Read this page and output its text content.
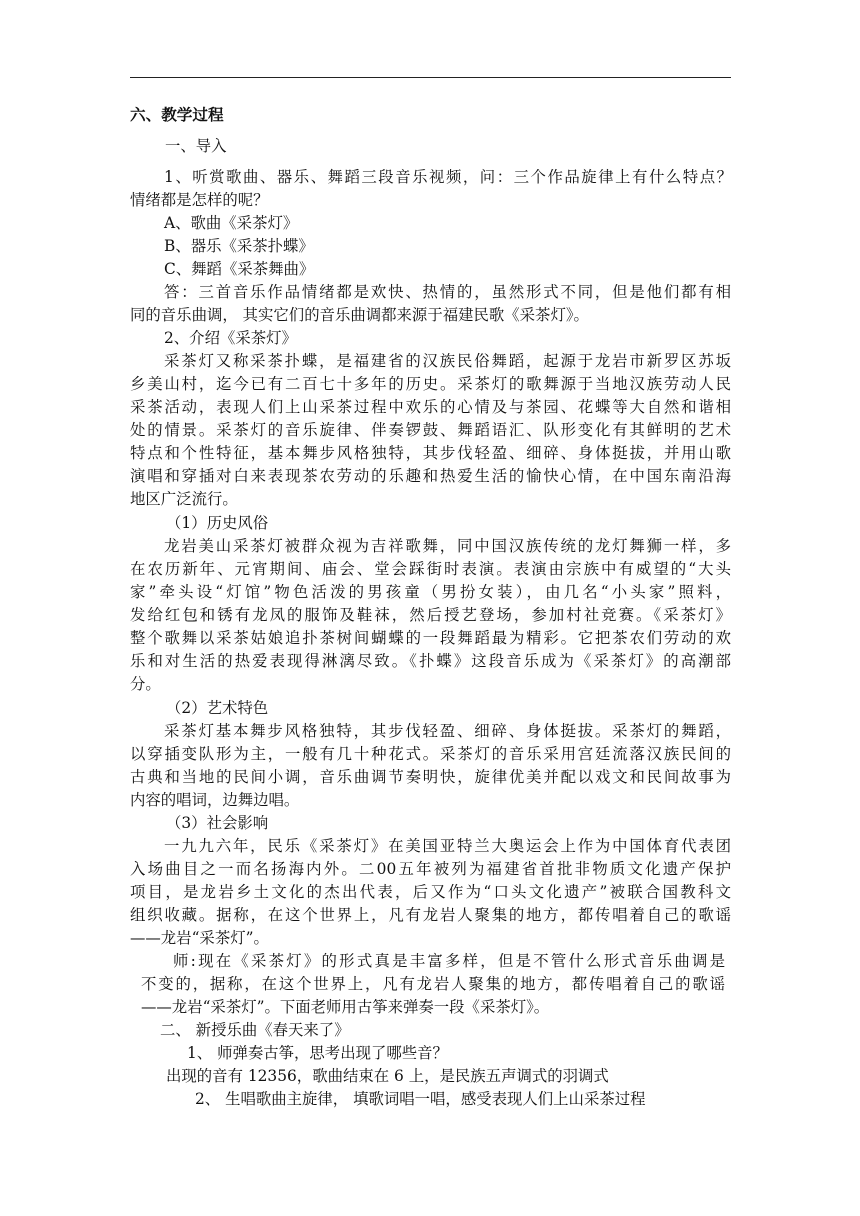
六、教学过程
一、导入
1、听赏歌曲、器乐、舞蹈三段音乐视频，问：三个作品旋律上有什么特点？
情绪都是怎样的呢？
A、歌曲《采茶灯》
B、器乐《采茶扑蝶》
C、舞蹈《采茶舞曲》
答：三首音乐作品情绪都是欢快、热情的，虽然形式不同，但是他们都有相
同的音乐曲调， 其实它们的音乐曲调都来源于福建民歌《采茶灯》。
2、介绍《采茶灯》
采茶灯又称采茶扑蝶，是福建省的汉族民俗舞蹈，起源于龙岩市新罗区苏坂
乡美山村，迄今已有二百七十多年的历史。采茶灯的歌舞源于当地汉族劳动人民
采茶活动，表现人们上山采茶过程中欢乐的心情及与茶园、花蝶等大自然和谐相
处的情景。采茶灯的音乐旋律、伴奏锣鼓、舞蹈语汇、队形变化有其鲜明的艺术
特点和个性特征，基本舞步风格独特，其步伐轻盈、细碎、身体挺拔，并用山歌
演唱和穿插对白来表现茶农劳动的乐趣和热爱生活的愉快心情，在中国东南沿海
地区广泛流行。
（1）历史风俗
龙岩美山采茶灯被群众视为吉祥歌舞，同中国汉族传统的龙灯舞狮一样，多
在农历新年、元宵期间、庙会、堂会踩街时表演。表演由宗族中有威望的“大头
家”牵头设“灯馆”物色活泼的男孩童（男扮女装），由几名“小头家”照料，
发给红包和锈有龙凤的服饰及鞋袜，然后授艺登场，参加村社竞赛。《采茶灯》
整个歌舞以采茶姑娘追扑茶树间蝴蝶的一段舞蹈最为精彩。它把茶农们劳动的欢
乐和对生活的热爱表现得淋漓尽致。《扑蝶》这段音乐成为《采茶灯》的高潮部
分。
（2）艺术特色
采茶灯基本舞步风格独特，其步伐轻盈、细碎、身体挺拔。采茶灯的舞蹈，
以穿插变队形为主，一般有几十种花式。采茶灯的音乐采用宫廷流落汉族民间的
古典和当地的民间小调，音乐曲调节奏明快，旋律优美并配以戏文和民间故事为
内容的唱词，边舞边唱。
（3）社会影响
一九九六年，民乐《采茶灯》在美国亚特兰大奥运会上作为中国体育代表团
入场曲目之一而名扬海内外。二00五年被列为福建省首批非物质文化遗产保护
项目，是龙岩乡土文化的杰出代表，后又作为“口头文化遗产”被联合国教科文
组织收藏。据称，在这个世界上，凡有龙岩人聚集的地方，都传唱着自己的歌谣
——龙岩“采茶灯”。
师:现在《采茶灯》的形式真是丰富多样，但是不管什么形式音乐曲调是
不变的，据称，在这个世界上，凡有龙岩人聚集的地方，都传唱着自己的歌谣
——龙岩“采茶灯”。下面老师用古筝来弹奏一段《采茶灯》。
二、 新授乐曲《春天来了》
1、 师弹奏古筝，思考出现了哪些音？
出现的音有 12356，歌曲结束在 6 上，是民族五声调式的羽调式
2、 生唱歌曲主旋律， 填歌词唱一唱，感受表现人们上山采茶过程
